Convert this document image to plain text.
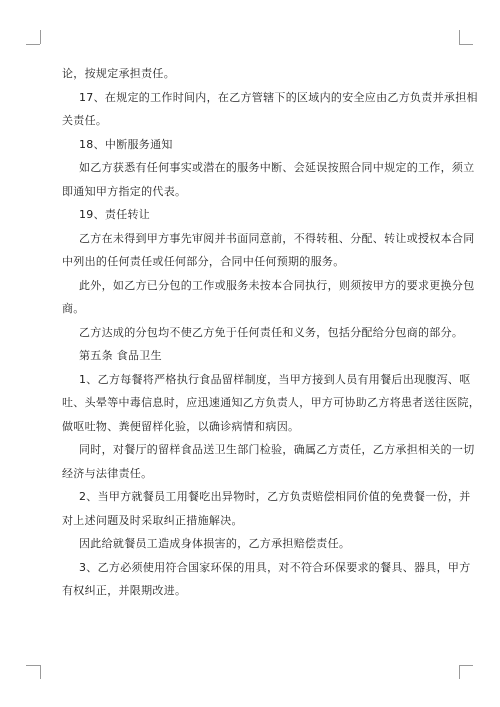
论，按规定承担责任。
17、在规定的工作时间内，在乙方管辖下的区域内的安全应由乙方负责并承担相
关责任。
18、中断服务通知
如乙方获悉有任何事实或潜在的服务中断、会延误按照合同中规定的工作，须立
即通知甲方指定的代表。
19、责任转让
乙方在未得到甲方事先审阅并书面同意前，不得转租、分配、转让或授权本合同
中列出的任何责任或任何部分，合同中任何预期的服务。
此外，如乙方已分包的工作或服务未按本合同执行，则须按甲方的要求更换分包
商。
乙方达成的分包均不使乙方免于任何责任和义务，包括分配给分包商的部分。
第五条 食品卫生
1、乙方每餐将严格执行食品留样制度，当甲方接到人员有用餐后出现腹泻、呕
吐、头晕等中毒信息时，应迅速通知乙方负责人，甲方可协助乙方将患者送往医院，
做呕吐物、粪便留样化验，以确诊病情和病因。
同时，对餐厅的留样食品送卫生部门检验，确属乙方责任，乙方承担相关的一切
经济与法律责任。
2、当甲方就餐员工用餐吃出异物时，乙方负责赔偿相同价值的免费餐一份，并
对上述问题及时采取纠正措施解决。
因此给就餐员工造成身体损害的，乙方承担赔偿责任。
3、乙方必须使用符合国家环保的用具，对不符合环保要求的餐具、器具，甲方
有权纠正，并限期改进。
